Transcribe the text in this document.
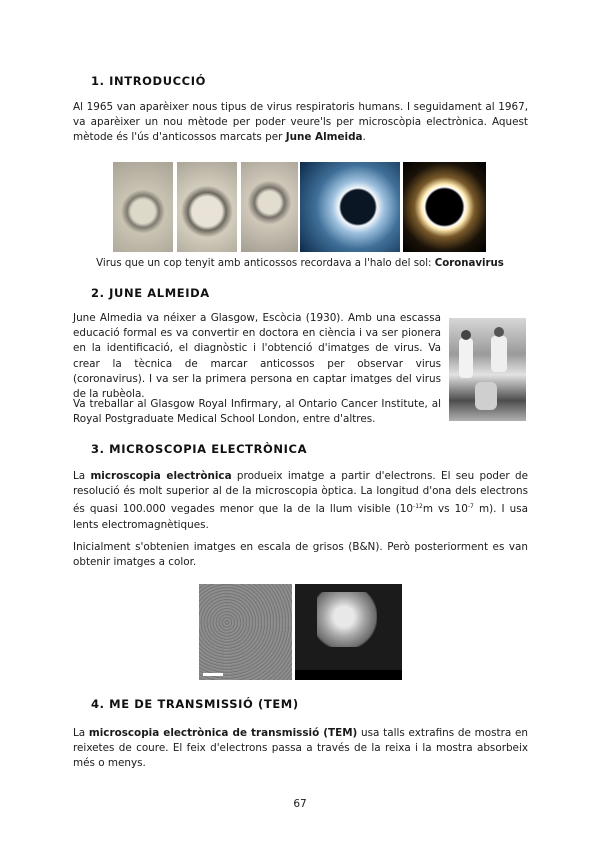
1. INTRODUCCIÓ

Al 1965 van aparèixer nous tipus de virus respiratoris humans. I seguidament al 1967, va aparèixer un nou mètode per poder veure'ls per microscòpia electrònica. Aquest mètode és l'ús d'anticossos marcats per June Almeida.

Virus que un cop tenyit amb anticossos recordava a l'halo del sol: Coronavirus
2. JUNE ALMEIDA

June Almedia va néixer a Glasgow, Escòcia (1930). Amb una escassa educació formal es va convertir en doctora en ciència i va ser pionera en la identificació, el diagnòstic i l'obtenció d'imatges de virus. Va crear la tècnica de marcar anticossos per observar virus (coronavirus). I va ser la primera persona en captar imatges del virus de la rubèola.

Va treballar al Glasgow Royal Infirmary, al Ontario Cancer Institute, al Royal Postgraduate Medical School London, entre d'altres.

3. MICROSCOPIA ELECTRÒNICA

La microscopia electrònica produeix imatge a partir d'electrons. El seu poder de resolució és molt superior al de la microscopia òptica. La longitud d'ona dels electrons és quasi 100.000 vegades menor que la de la llum visible ($10^{-12}m$ vs $10^{-7}$ m). I usa lents electromagnètiques.

Inicialment s'obtenien imatges en escala de grisos (B&N). Però posteriorment es van obtenir imatges a color.

4. ME DE TRANSMISSIÓ (TEM)

La microscopia electrònica de transmissió (TEM) usa talls extrafins de mostra en reixetes de coure. El feix d'electrons passa a través de la reixa i la mostra absorbeix més o menys.

67
